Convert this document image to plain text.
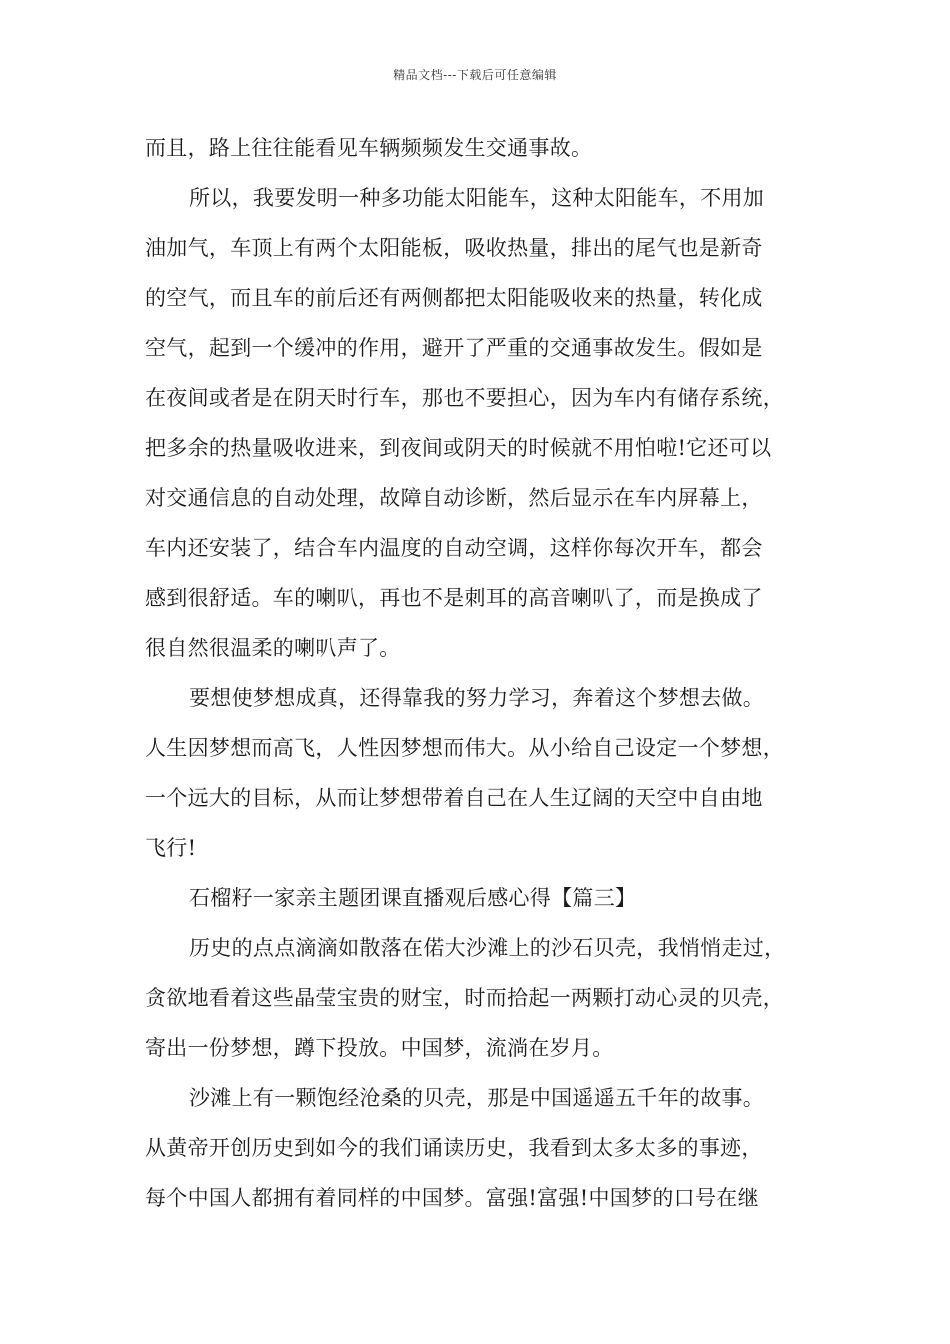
精品文档---下载后可任意编辑
而且，路上往往能看见车辆频频发生交通事故。
所以，我要发明一种多功能太阳能车，这种太阳能车，不用加
油加气，车顶上有两个太阳能板，吸收热量，排出的尾气也是新奇
的空气，而且车的前后还有两侧都把太阳能吸收来的热量，转化成
空气，起到一个缓冲的作用，避开了严重的交通事故发生。假如是
在夜间或者是在阴天时行车，那也不要担心，因为车内有储存系统，
把多余的热量吸收进来，到夜间或阴天的时候就不用怕啦!它还可以
对交通信息的自动处理，故障自动诊断，然后显示在车内屏幕上，
车内还安装了，结合车内温度的自动空调，这样你每次开车，都会
感到很舒适。车的喇叭，再也不是刺耳的高音喇叭了，而是换成了
很自然很温柔的喇叭声了。
要想使梦想成真，还得靠我的努力学习，奔着这个梦想去做。
人生因梦想而高飞，人性因梦想而伟大。从小给自己设定一个梦想，
一个远大的目标，从而让梦想带着自己在人生辽阔的天空中自由地
飞行!
石榴籽一家亲主题团课直播观后感心得【篇三】
历史的点点滴滴如散落在偌大沙滩上的沙石贝壳，我悄悄走过，
贪欲地看着这些晶莹宝贵的财宝，时而拾起一两颗打动心灵的贝壳，
寄出一份梦想，蹲下投放。中国梦，流淌在岁月。
沙滩上有一颗饱经沧桑的贝壳，那是中国遥遥五千年的故事。
从黄帝开创历史到如今的我们诵读历史，我看到太多太多的事迹，
每个中国人都拥有着同样的中国梦。富强!富强!中国梦的口号在继
